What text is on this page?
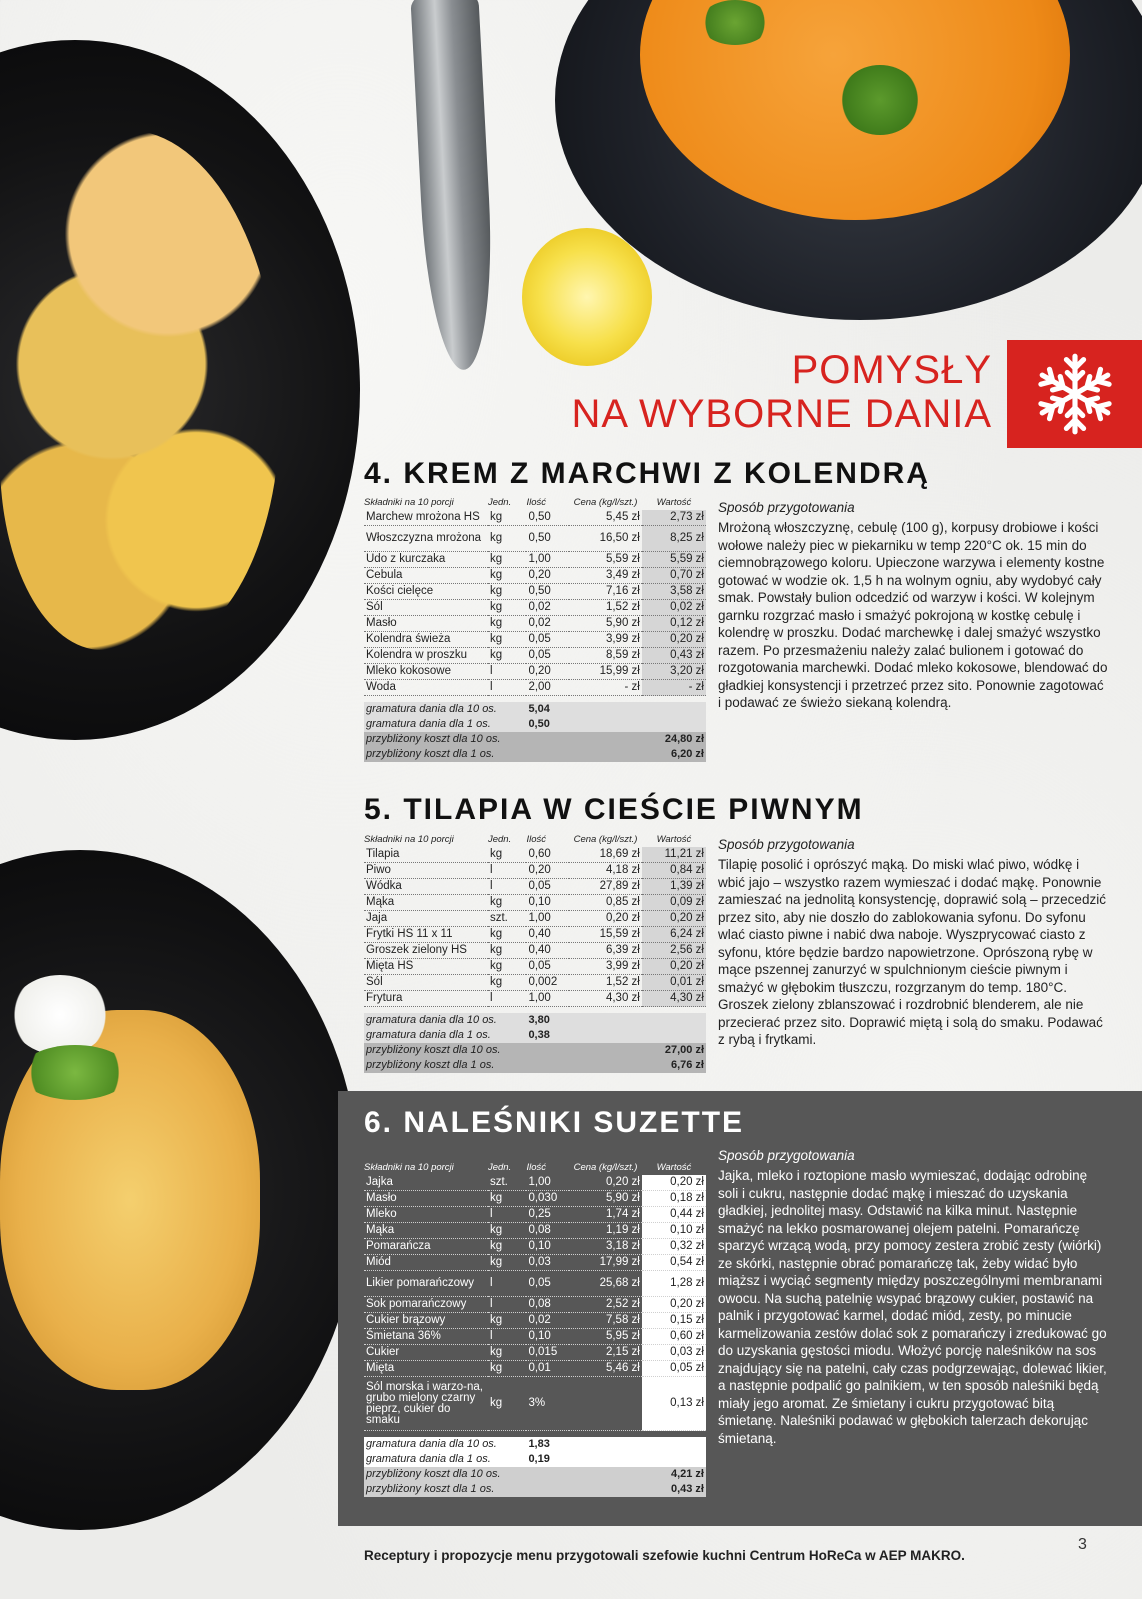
POMYSŁY
NA WYBORNE DANIA
4. KREM Z MARCHWI Z KOLENDRĄ
5. TILAPIA W CIEŚCIE PIWNYM
6. NALEŚNIKI SUZETTE
Składniki na 10 porcji	Jedn.	Ilość	Cena (kg/l/szt.)	Wartość
Marchew mrożona HS	kg	0,50	5,45 zł	2,73 zł
Włoszczyzna mrożona	kg	0,50	16,50 zł	8,25 zł
Udo z kurczaka	kg	1,00	5,59 zł	5,59 zł
Cebula	kg	0,20	3,49 zł	0,70 zł
Kości cielęce	kg	0,50	7,16 zł	3,58 zł
Sól	kg	0,02	1,52 zł	0,02 zł
Masło	kg	0,02	5,90 zł	0,12 zł
Kolendra świeża	kg	0,05	3,99 zł	0,20 zł
Kolendra w proszku	kg	0,05	8,59 zł	0,43 zł
Mleko kokosowe	l	0,20	15,99 zł	3,20 zł
Woda	l	2,00	- zł	- zł

gramatura dania dla 10 os.		5,04		
gramatura dania dla 1 os.		0,50		
przybliżony koszt dla 10 os.				24,80 zł
przybliżony koszt dla 1 os.				6,20 zł
Składniki na 10 porcji	Jedn.	Ilość	Cena (kg/l/szt.)	Wartość
Tilapia	kg	0,60	18,69 zł	11,21 zł
Piwo	l	0,20	4,18 zł	0,84 zł
Wódka	l	0,05	27,89 zł	1,39 zł
Mąka	kg	0,10	0,85 zł	0,09 zł
Jaja	szt.	1,00	0,20 zł	0,20 zł
Frytki HS 11 x 11	kg	0,40	15,59 zł	6,24 zł
Groszek zielony HS	kg	0,40	6,39 zł	2,56 zł
Mięta HS	kg	0,05	3,99 zł	0,20 zł
Sól	kg	0,002	1,52 zł	0,01 zł
Frytura	l	1,00	4,30 zł	4,30 zł

gramatura dania dla 10 os.		3,80		
gramatura dania dla 1 os.		0,38		
przybliżony koszt dla 10 os.				27,00 zł
przybliżony koszt dla 1 os.				6,76 zł
Składniki na 10 porcji	Jedn.	Ilość	Cena (kg/l/szt.)	Wartość
Jajka	szt.	1,00	0,20 zł	0,20 zł
Masło	kg	0,030	5,90 zł	0,18 zł
Mleko	l	0,25	1,74 zł	0,44 zł
Mąka	kg	0,08	1,19 zł	0,10 zł
Pomarańcza	kg	0,10	3,18 zł	0,32 zł
Miód	kg	0,03	17,99 zł	0,54 zł
Likier pomarańczowy	l	0,05	25,68 zł	1,28 zł
Sok pomarańczowy	l	0,08	2,52 zł	0,20 zł
Cukier brązowy	kg	0,02	7,58 zł	0,15 zł
Śmietana 36%	l	0,10	5,95 zł	0,60 zł
Cukier	kg	0,015	2,15 zł	0,03 zł
Mięta	kg	0,01	5,46 zł	0,05 zł
Sól morska i warzo-na, grubo mielony czarny pieprz, cukier do smaku	kg	3%		0,13 zł

gramatura dania dla 10 os.		1,83		
gramatura dania dla 1 os.		0,19		
przybliżony koszt dla 10 os.				4,21 zł
przybliżony koszt dla 1 os.				0,43 zł
Sposób przygotowania

Mrożoną włoszczyznę, cebulę (100 g), korpusy drobiowe i kości wołowe należy piec w piekarniku w temp 220°C ok. 15 min do ciemnobrązowego koloru. Upieczone warzywa i elementy kostne gotować w wodzie ok. 1,5 h na wolnym ogniu, aby wydobyć cały smak. Powstały bulion odcedzić od warzyw i kości. W kolejnym garnku rozgrzać masło i smażyć pokrojoną w kostkę cebulę i kolendrę w proszku. Dodać marchewkę i dalej smażyć wszystko razem. Po przesmażeniu należy zalać bulionem i gotować do rozgotowania marchewki. Dodać mleko kokosowe, blendować do gładkiej konsystencji i przetrzeć przez sito. Ponownie zagotować i podawać ze świeżo siekaną kolendrą.

Sposób przygotowania

Tilapię posolić i oprószyć mąką. Do miski wlać piwo, wódkę i wbić jajo – wszystko razem wymieszać i dodać mąkę. Ponownie zamieszać na jednolitą konsystencję, doprawić solą – przecedzić przez sito, aby nie doszło do zablokowania syfonu. Do syfonu wlać ciasto piwne i nabić dwa naboje. Wyszprycować ciasto z syfonu, które będzie bardzo napowietrzone. Oprószoną rybę w mące pszennej zanurzyć w spulchnionym cieście piwnym i smażyć w głębokim tłuszczu, rozgrzanym do temp. 180°C. Groszek zielony zblanszować i rozdrobnić blenderem, ale nie przecierać przez sito. Doprawić miętą i solą do smaku. Podawać z rybą i frytkami.

Sposób przygotowania

Jajka, mleko i roztopione masło wymieszać, dodając odrobinę soli i cukru, następnie dodać mąkę i mieszać do uzyskania gładkiej, jednolitej masy. Odstawić na kilka minut. Następnie smażyć na lekko posmarowanej olejem patelni. Pomarańczę sparzyć wrzącą wodą, przy pomocy zestera zrobić zesty (wiórki) ze skórki, następnie obrać pomarańczę tak, żeby widać było miąższ i wyciąć segmenty między poszczególnymi membranami owocu. Na suchą patelnię wsypać brązowy cukier, postawić na palnik i przygotować karmel, dodać miód, zesty, po minucie karmelizowania zestów dolać sok z pomarańczy i zredukować go do uzyskania gęstości miodu. Włożyć porcję naleśników na sos znajdujący się na patelni, cały czas podgrzewając, dolewać likier, a następnie podpalić go palnikiem, w ten sposób naleśniki będą miały jego aromat. Ze śmietany i cukru przygotować bitą śmietanę. Naleśniki podawać w głębokich talerzach dekorując śmietaną.

Receptury i propozycje menu przygotowali szefowie kuchni Centrum HoReCa w AEP MAKRO.
3
